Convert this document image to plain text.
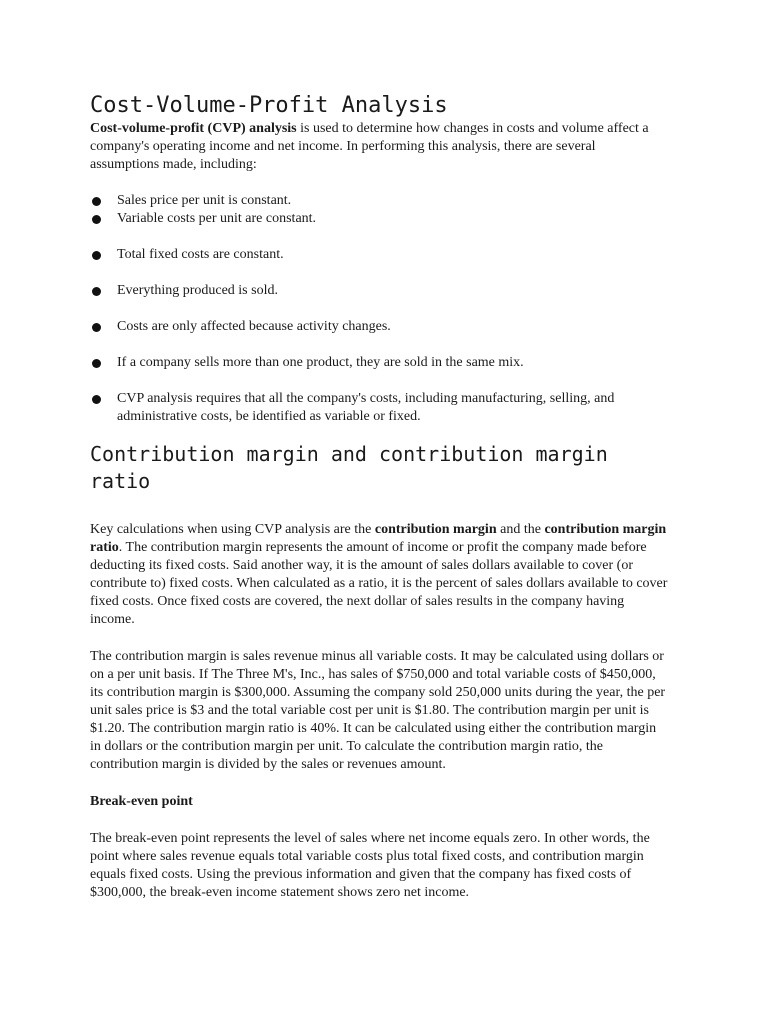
Cost-Volume-Profit Analysis

Cost-volume-profit (CVP) analysis is used to determine how changes in costs and volume affect a company's operating income and net income. In performing this analysis, there are several assumptions made, including:

Sales price per unit is constant.
Variable costs per unit are constant.
Total fixed costs are constant.
Everything produced is sold.
Costs are only affected because activity changes.
If a company sells more than one product, they are sold in the same mix.
CVP analysis requires that all the company's costs, including manufacturing, selling, and administrative costs, be identified as variable or fixed.
Contribution margin and contribution margin ratio

Key calculations when using CVP analysis are the contribution margin and the contribution margin ratio. The contribution margin represents the amount of income or profit the company made before deducting its fixed costs. Said another way, it is the amount of sales dollars available to cover (or contribute to) fixed costs. When calculated as a ratio, it is the percent of sales dollars available to cover fixed costs. Once fixed costs are covered, the next dollar of sales results in the company having income.

The contribution margin is sales revenue minus all variable costs. It may be calculated using dollars or on a per unit basis. If The Three M's, Inc., has sales of $750,000 and total variable costs of $450,000, its contribution margin is $300,000. Assuming the company sold 250,000 units during the year, the per unit sales price is $3 and the total variable cost per unit is $1.80. The contribution margin per unit is $1.20. The contribution margin ratio is 40%. It can be calculated using either the contribution margin in dollars or the contribution margin per unit. To calculate the contribution margin ratio, the contribution margin is divided by the sales or revenues amount.

Break-even point

The break-even point represents the level of sales where net income equals zero. In other words, the point where sales revenue equals total variable costs plus total fixed costs, and contribution margin equals fixed costs. Using the previous information and given that the company has fixed costs of $300,000, the break-even income statement shows zero net income.
